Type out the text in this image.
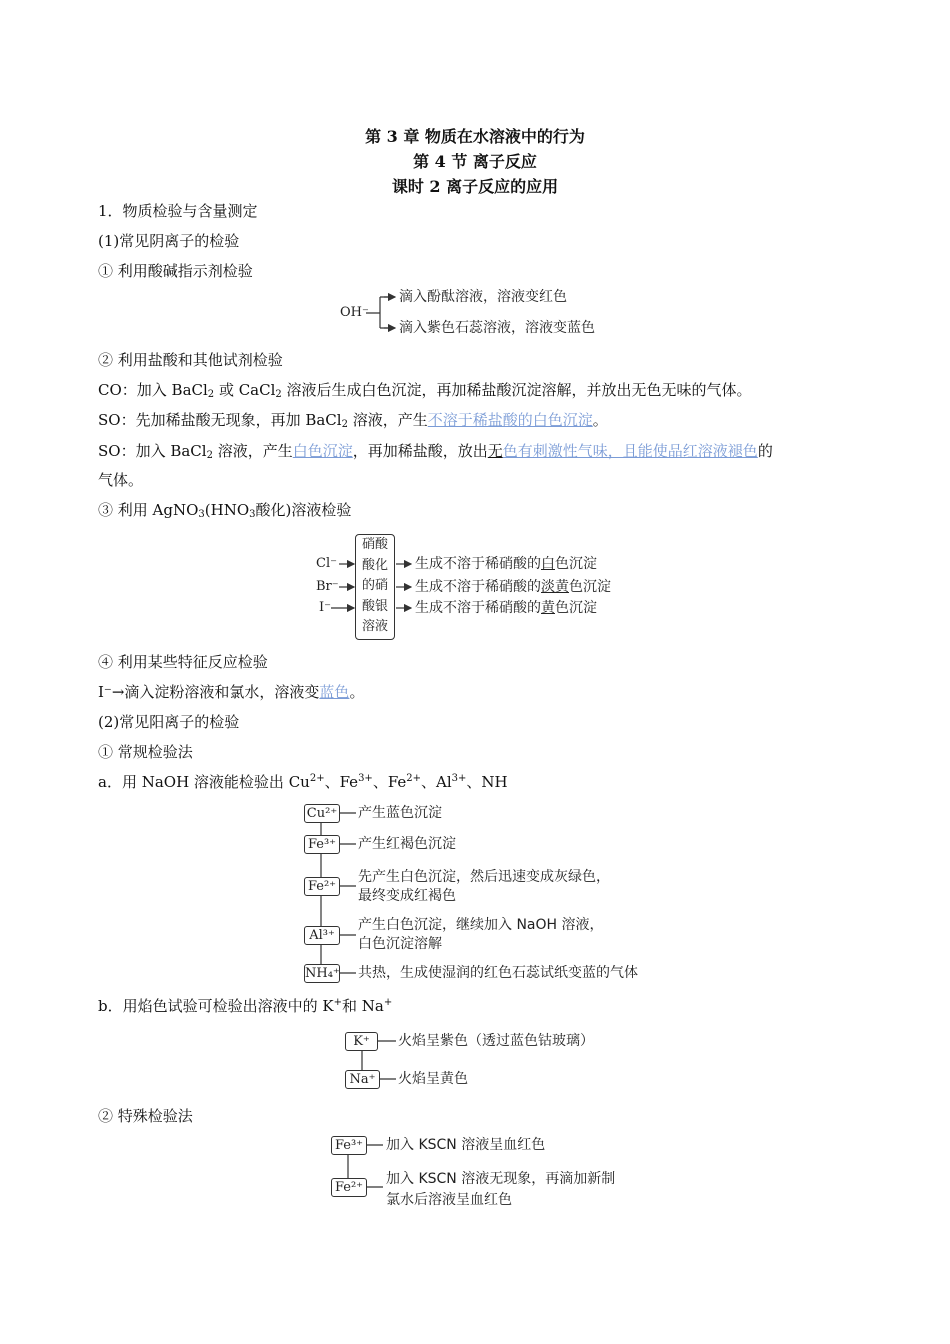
第 3 章 物质在水溶液中的行为
第 4 节 离子反应
课时 2 离子反应的应用
1．物质检验与含量测定
(1)常见阴离子的检验
① 利用酸碱指示剂检验
OH⁻
滴入酚酞溶液，溶液变红色
滴入紫色石蕊溶液，溶液变蓝色
② 利用盐酸和其他试剂检验
CO：加入 BaCl$_2$ 或 CaCl$_2$ 溶液后生成白色沉淀，再加稀盐酸沉淀溶解，并放出无色无味的气体。
SO：先加稀盐酸无现象，再加 BaCl$_2$ 溶液，产生不溶于稀盐酸的白色沉淀。
SO：加入 BaCl$_2$ 溶液，产生白色沉淀，再加稀盐酸，放出无色有刺激性气味，且能使品红溶液褪色的
气体。
③ 利用 $AgNO_3(HNO_3$酸化)溶液检验
Cl⁻
Br⁻
I⁻
硝酸
酸化
的硝
酸银
溶液
生成不溶于稀硝酸的白色沉淀
生成不溶于稀硝酸的淡黄色沉淀
生成不溶于稀硝酸的黄色沉淀
④ 利用某些特征反应检验
I⁻→滴入淀粉溶液和氯水，溶液变蓝色。
(2)常见阳离子的检验
① 常规检验法
a．用 NaOH 溶液能检验出 $Cu^{2+}$、$Fe^{3+}$、$Fe^{2+}$、$Al^{3+}$、NH
Cu²⁺
Fe³⁺
Fe²⁺
Al³⁺
NH₄⁺
产生蓝色沉淀
产生红褐色沉淀
先产生白色沉淀，然后迅速变成灰绿色，
最终变成红褐色
产生白色沉淀，继续加入 NaOH 溶液，
白色沉淀溶解
共热，生成使湿润的红色石蕊试纸变蓝的气体
b．用焰色试验可检验出溶液中的 K+和 Na+
K⁺
Na⁺
火焰呈紫色（透过蓝色钴玻璃）
火焰呈黄色
② 特殊检验法
Fe³⁺
Fe²⁺
加入 KSCN 溶液呈血红色
加入 KSCN 溶液无现象，再滴加新制
氯水后溶液呈血红色
